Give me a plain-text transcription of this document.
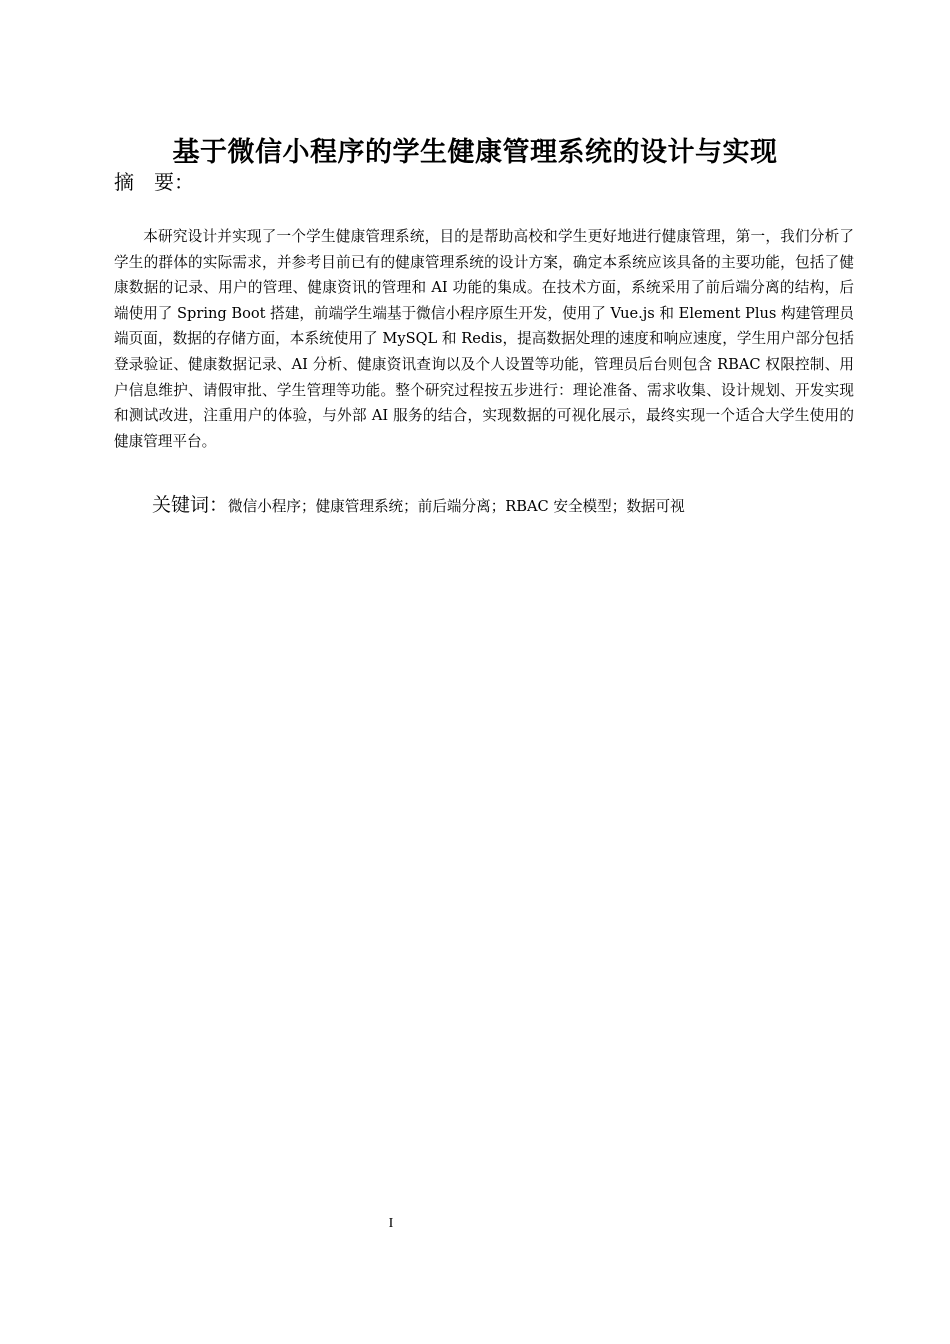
基于微信小程序的学生健康管理系统的设计与实现
摘　要：

本研究设计并实现了一个学生健康管理系统，目的是帮助高校和学生更好地进行健康管理，第一，我们分析了学生的群体的实际需求，并参考目前已有的健康管理系统的设计方案，确定本系统应该具备的主要功能，包括了健康数据的记录、用户的管理、健康资讯的管理和 AI 功能的集成。在技术方面，系统采用了前后端分离的结构，后端使用了 Spring Boot 搭建，前端学生端基于微信小程序原生开发，使用了 Vue.js 和 Element Plus 构建管理员端页面，数据的存储方面，本系统使用了 MySQL 和 Redis，提高数据处理的速度和响应速度，学生用户部分包括登录验证、健康数据记录、AI 分析、健康资讯查询以及个人设置等功能，管理员后台则包含 RBAC 权限控制、用户信息维护、请假审批、学生管理等功能。整个研究过程按五步进行：理论准备、需求收集、设计规划、开发实现和测试改进，注重用户的体验，与外部 AI 服务的结合，实现数据的可视化展示，最终实现一个适合大学生使用的健康管理平台。

关键词： 微信小程序；健康管理系统；前后端分离；RBAC 安全模型；数据可视
I
